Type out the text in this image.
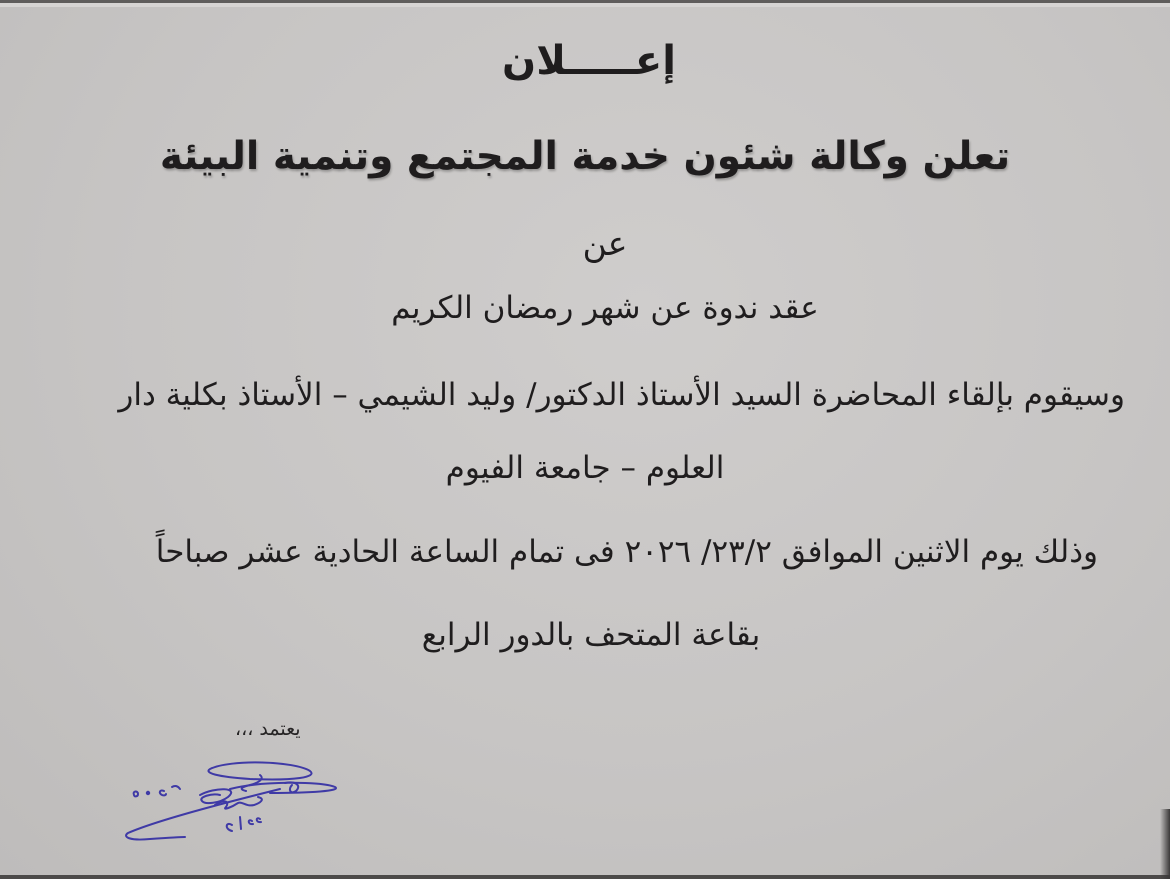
إعـــــلان
تعلن وكالة شئون خدمة المجتمع وتنمية البيئة
عن
عقد ندوة عن شهر رمضان الكريم
وسيقوم بإلقاء المحاضرة السيد الأستاذ الدكتور/ وليد الشيمي – الأستاذ بكلية دار
العلوم – جامعة الفيوم
وذلك يوم الاثنين الموافق ٢٣/٢/ ٢٠٢٦ فى تمام الساعة الحادية عشر صباحاً
بقاعة المتحف بالدور الرابع
يعتمد ،،،
